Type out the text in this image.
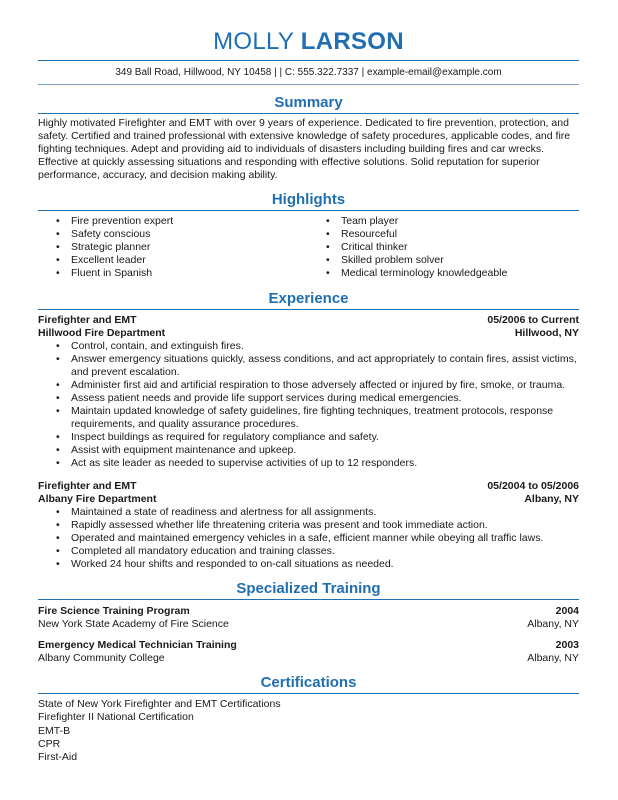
MOLLY LARSON
349 Ball Road, Hillwood, NY 10458 | | C: 555.322.7337 | example-email@example.com
Summary
Highly motivated Firefighter and EMT with over 9 years of experience. Dedicated to fire prevention, protection, and safety. Certified and trained professional with extensive knowledge of safety procedures, applicable codes, and fire fighting techniques. Adept and providing aid to individuals of disasters including building fires and car wrecks. Effective at quickly assessing situations and responding with effective solutions. Solid reputation for superior performance, accuracy, and decision making ability.
Highlights
• Fire prevention expert
• Safety conscious
• Strategic planner
• Excellent leader
• Fluent in Spanish
• Team player
• Resourceful
• Critical thinker
• Skilled problem solver
• Medical terminology knowledgeable
Experience
Firefighter and EMT	05/2006 to Current
Hillwood Fire Department	Hillwood, NY
• Control, contain, and extinguish fires.
• Answer emergency situations quickly, assess conditions, and act appropriately to contain fires, assist victims, and prevent escalation.
• Administer first aid and artificial respiration to those adversely affected or injured by fire, smoke, or trauma.
• Assess patient needs and provide life support services during medical emergencies.
• Maintain updated knowledge of safety guidelines, fire fighting techniques, treatment protocols, response requirements, and quality assurance procedures.
• Inspect buildings as required for regulatory compliance and safety.
• Assist with equipment maintenance and upkeep.
• Act as site leader as needed to supervise activities of up to 12 responders.
Firefighter and EMT	05/2004 to 05/2006
Albany Fire Department	Albany, NY
• Maintained a state of readiness and alertness for all assignments.
• Rapidly assessed whether life threatening criteria was present and took immediate action.
• Operated and maintained emergency vehicles in a safe, efficient manner while obeying all traffic laws.
• Completed all mandatory education and training classes.
• Worked 24 hour shifts and responded to on-call situations as needed.
Specialized Training
Fire Science Training Program	2004
New York State Academy of Fire Science	Albany, NY
Emergency Medical Technician Training	2003
Albany Community College	Albany, NY
Certifications
State of New York Firefighter and EMT Certifications
Firefighter II National Certification
EMT-B
CPR
First-Aid
